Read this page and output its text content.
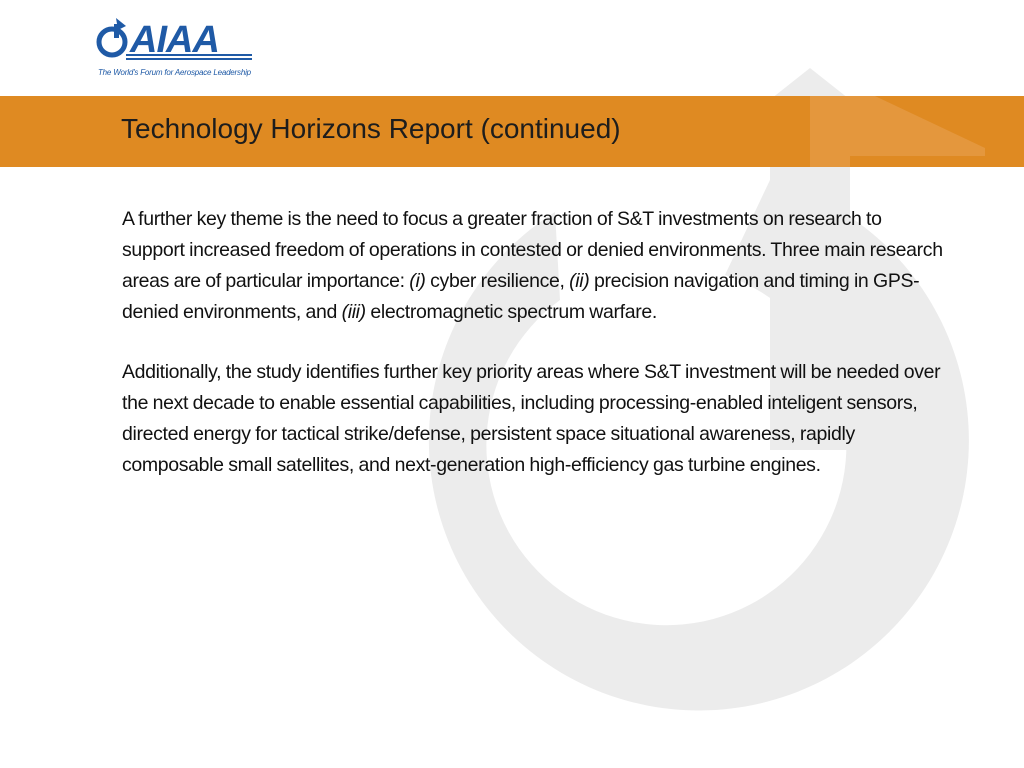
AIAA
The World's Forum for Aerospace Leadership
Technology Horizons Report (continued)

A further key theme is the need to focus a greater fraction of S&T investments on research to support increased freedom of operations in contested or denied environments. Three main research areas are of particular importance: (i) cyber resilience, (ii) precision navigation and timing in GPS-denied environments, and (iii) electromagnetic spectrum warfare.

Additionally, the study identifies further key priority areas where S&T investment will be needed over the next decade to enable essential capabilities, including processing-enabled inteligent sensors, directed energy for tactical strike/defense, persistent space situational awareness, rapidly composable small satellites, and next-generation high-efficiency gas turbine engines.
